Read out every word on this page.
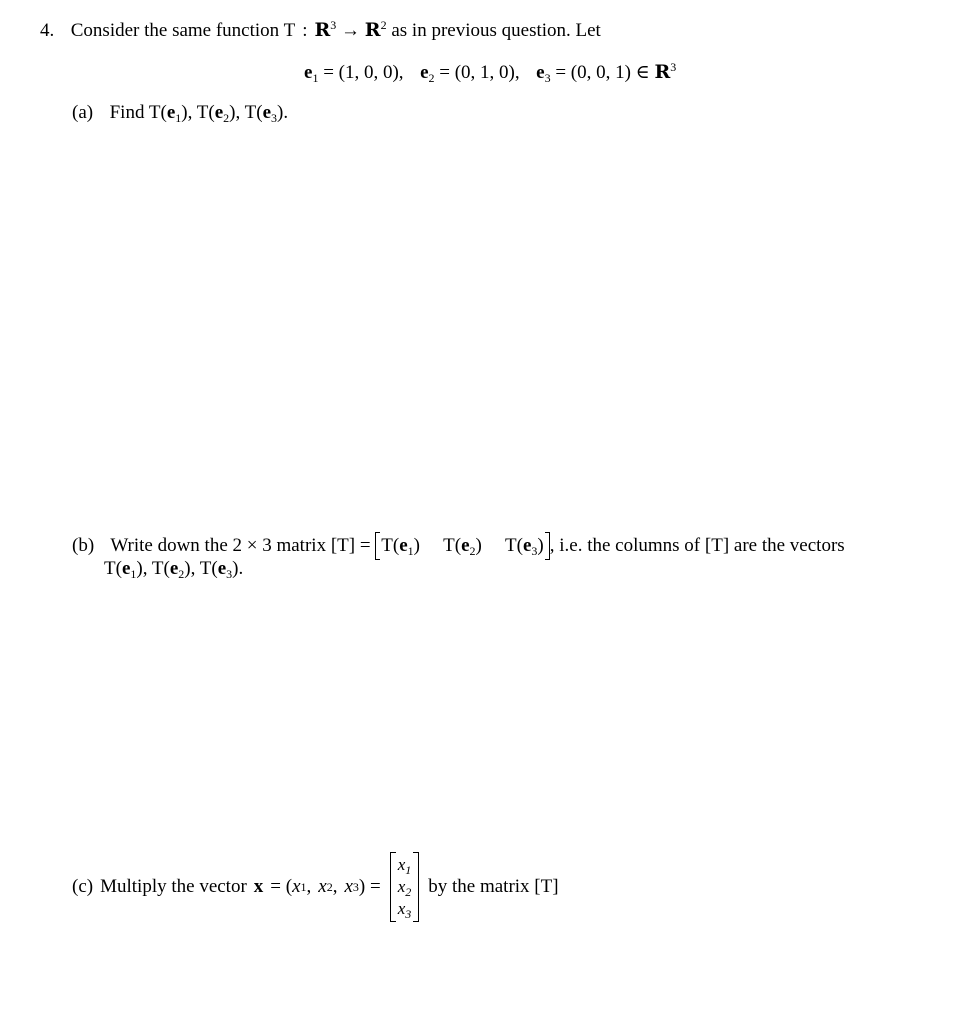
4. Consider the same function T : $R^3 \to R^2$ as in previous question. Let
$e_1 = (1$, 0, 0), $e_2 = (0$, 1, 0), $e_3 = (0$, 0, 1) ∈ $R^3$
(a) Find $T(e_1)$, $T(e_2)$, $T(e_3)$.
(b) Write down the 2 × 3 matrix $[T] = T(e_1)$ $T(e_2)$ $T(e_3)$ , i.e. the columns of [T] are the vectors
$T(e_1)$, $T(e_2)$, $T(e_3)$.
(c) Multiply the vector x = ( x 1 , x 2 , x 3 ) =
$x_1$
$x_2$
$x_3$
by the matrix [T]
